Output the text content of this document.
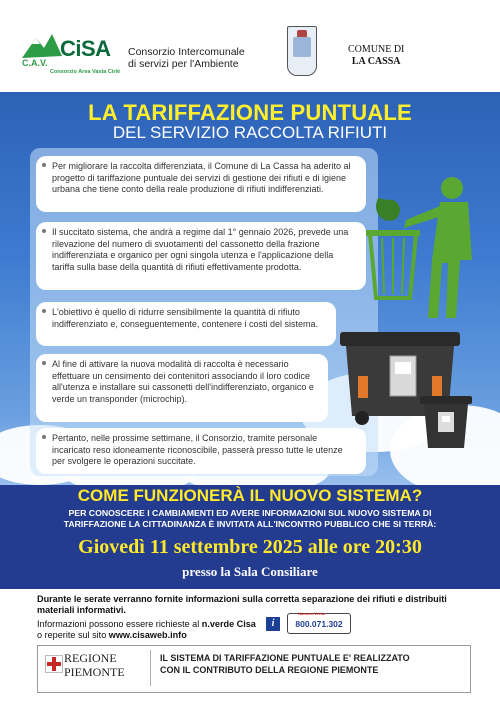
CiSA
C.A.V.
Consorzio Area Vasta Cirié
Consorzio Intercomunale
di servizi per l'Ambiente
COMUNE DI
LA CASSA
LA TARIFFAZIONE PUNTUALE
DEL SERVIZIO RACCOLTA RIFIUTI
Per migliorare la raccolta differenziata, il Comune di La Cassa ha aderito al progetto di tariffazione puntuale dei servizi di gestione dei rifiuti e di igiene urbana che tiene conto della reale produzione di rifiuti indifferenziati.
Il succitato sistema, che andrà a regime dal 1° gennaio 2026, prevede una rilevazione del numero di svuotamenti del cassonetto della frazione indifferenziata e organico per ogni singola utenza e l'applicazione della tariffa sulla base della quantità di rifiuti effettivamente prodotta.
L'obiettivo è quello di ridurre sensibilmente la quantità di rifiuto indifferenziato e, conseguentemente, contenere i costi del sistema.
Al fine di attivare la nuova modalità di raccolta è necessario effettuare un censimento dei contenitori associando il loro codice all'utenza e installare sui cassonetti dell'indifferenziato, organico e verde un transponder (microchip).
Pertanto, nelle prossime settimane, il Consorzio, tramite personale incaricato reso idoneamente riconoscibile, passerà presso tutte le utenze per svolgere le operazioni succitate.
COME FUNZIONERÀ IL NUOVO SISTEMA?
PER CONOSCERE I CAMBIAMENTI ED AVERE INFORMAZIONI SUL NUOVO SISTEMA DI
TARIFFAZIONE LA CITTADINANZA È INVITATA ALL'INCONTRO PUBBLICO CHE SI TERRÀ:
Giovedì 11 settembre 2025 alle ore 20:30
presso la Sala Consiliare
Durante le serate verranno fornite informazioni sulla corretta separazione dei rifiuti e distribuiti materiali informativi.
Informazioni possono essere richieste al n.verde Cisa
o reperite sul sito www.cisaweb.info
i
Numero Verde
800.071.302
REGIONE
PIEMONTE
IL SISTEMA DI TARIFFAZIONE PUNTUALE E' REALIZZATO
CON IL CONTRIBUTO DELLA REGIONE PIEMONTE
